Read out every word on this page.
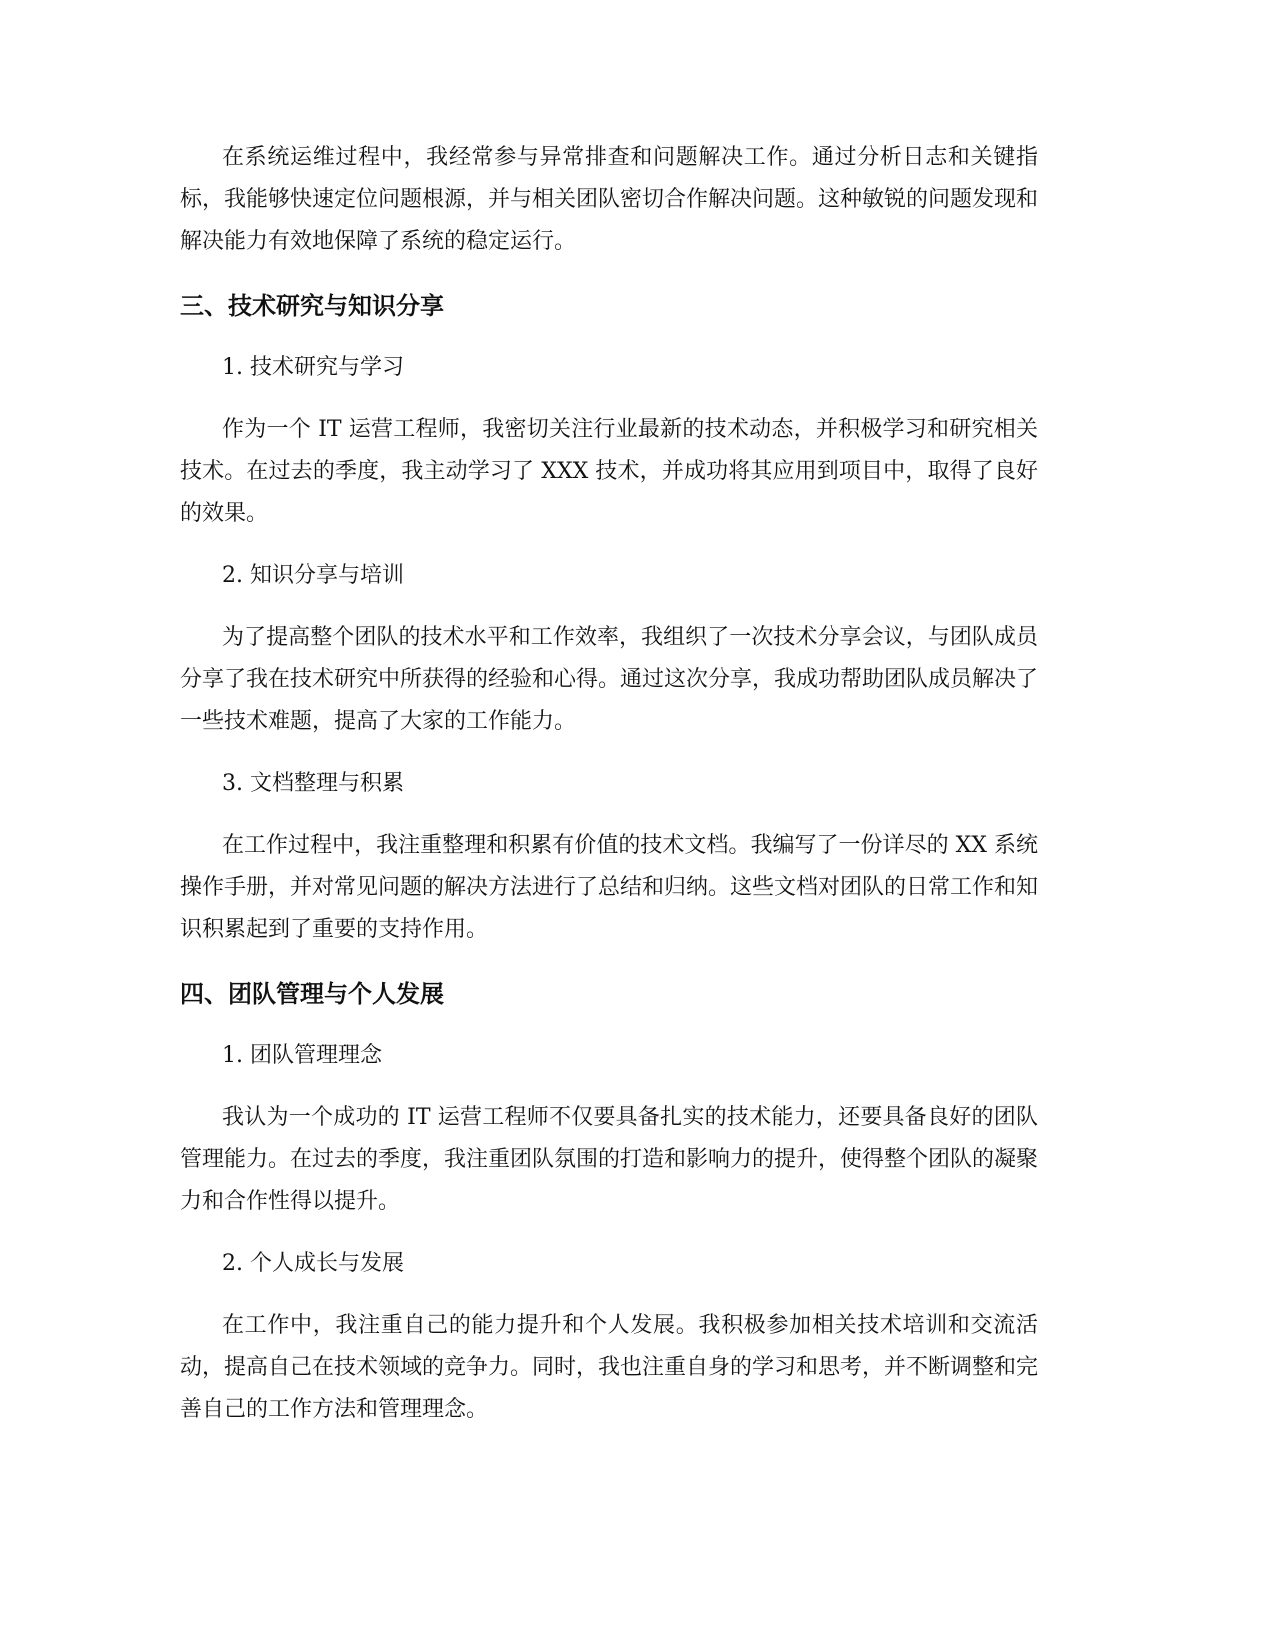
在系统运维过程中，我经常参与异常排查和问题解决工作。通过分析日志和关键指标，我能够快速定位问题根源，并与相关团队密切合作解决问题。这种敏锐的问题发现和解决能力有效地保障了系统的稳定运行。

三、技术研究与知识分享

1. 技术研究与学习

作为一个 IT 运营工程师，我密切关注行业最新的技术动态，并积极学习和研究相关技术。在过去的季度，我主动学习了 XXX 技术，并成功将其应用到项目中，取得了良好的效果。

2. 知识分享与培训

为了提高整个团队的技术水平和工作效率，我组织了一次技术分享会议，与团队成员分享了我在技术研究中所获得的经验和心得。通过这次分享，我成功帮助团队成员解决了一些技术难题，提高了大家的工作能力。

3. 文档整理与积累

在工作过程中，我注重整理和积累有价值的技术文档。我编写了一份详尽的 XX 系统操作手册，并对常见问题的解决方法进行了总结和归纳。这些文档对团队的日常工作和知识积累起到了重要的支持作用。

四、团队管理与个人发展

1. 团队管理理念

我认为一个成功的 IT 运营工程师不仅要具备扎实的技术能力，还要具备良好的团队管理能力。在过去的季度，我注重团队氛围的打造和影响力的提升，使得整个团队的凝聚力和合作性得以提升。

2. 个人成长与发展

在工作中，我注重自己的能力提升和个人发展。我积极参加相关技术培训和交流活动，提高自己在技术领域的竞争力。同时，我也注重自身的学习和思考，并不断调整和完善自己的工作方法和管理理念。
